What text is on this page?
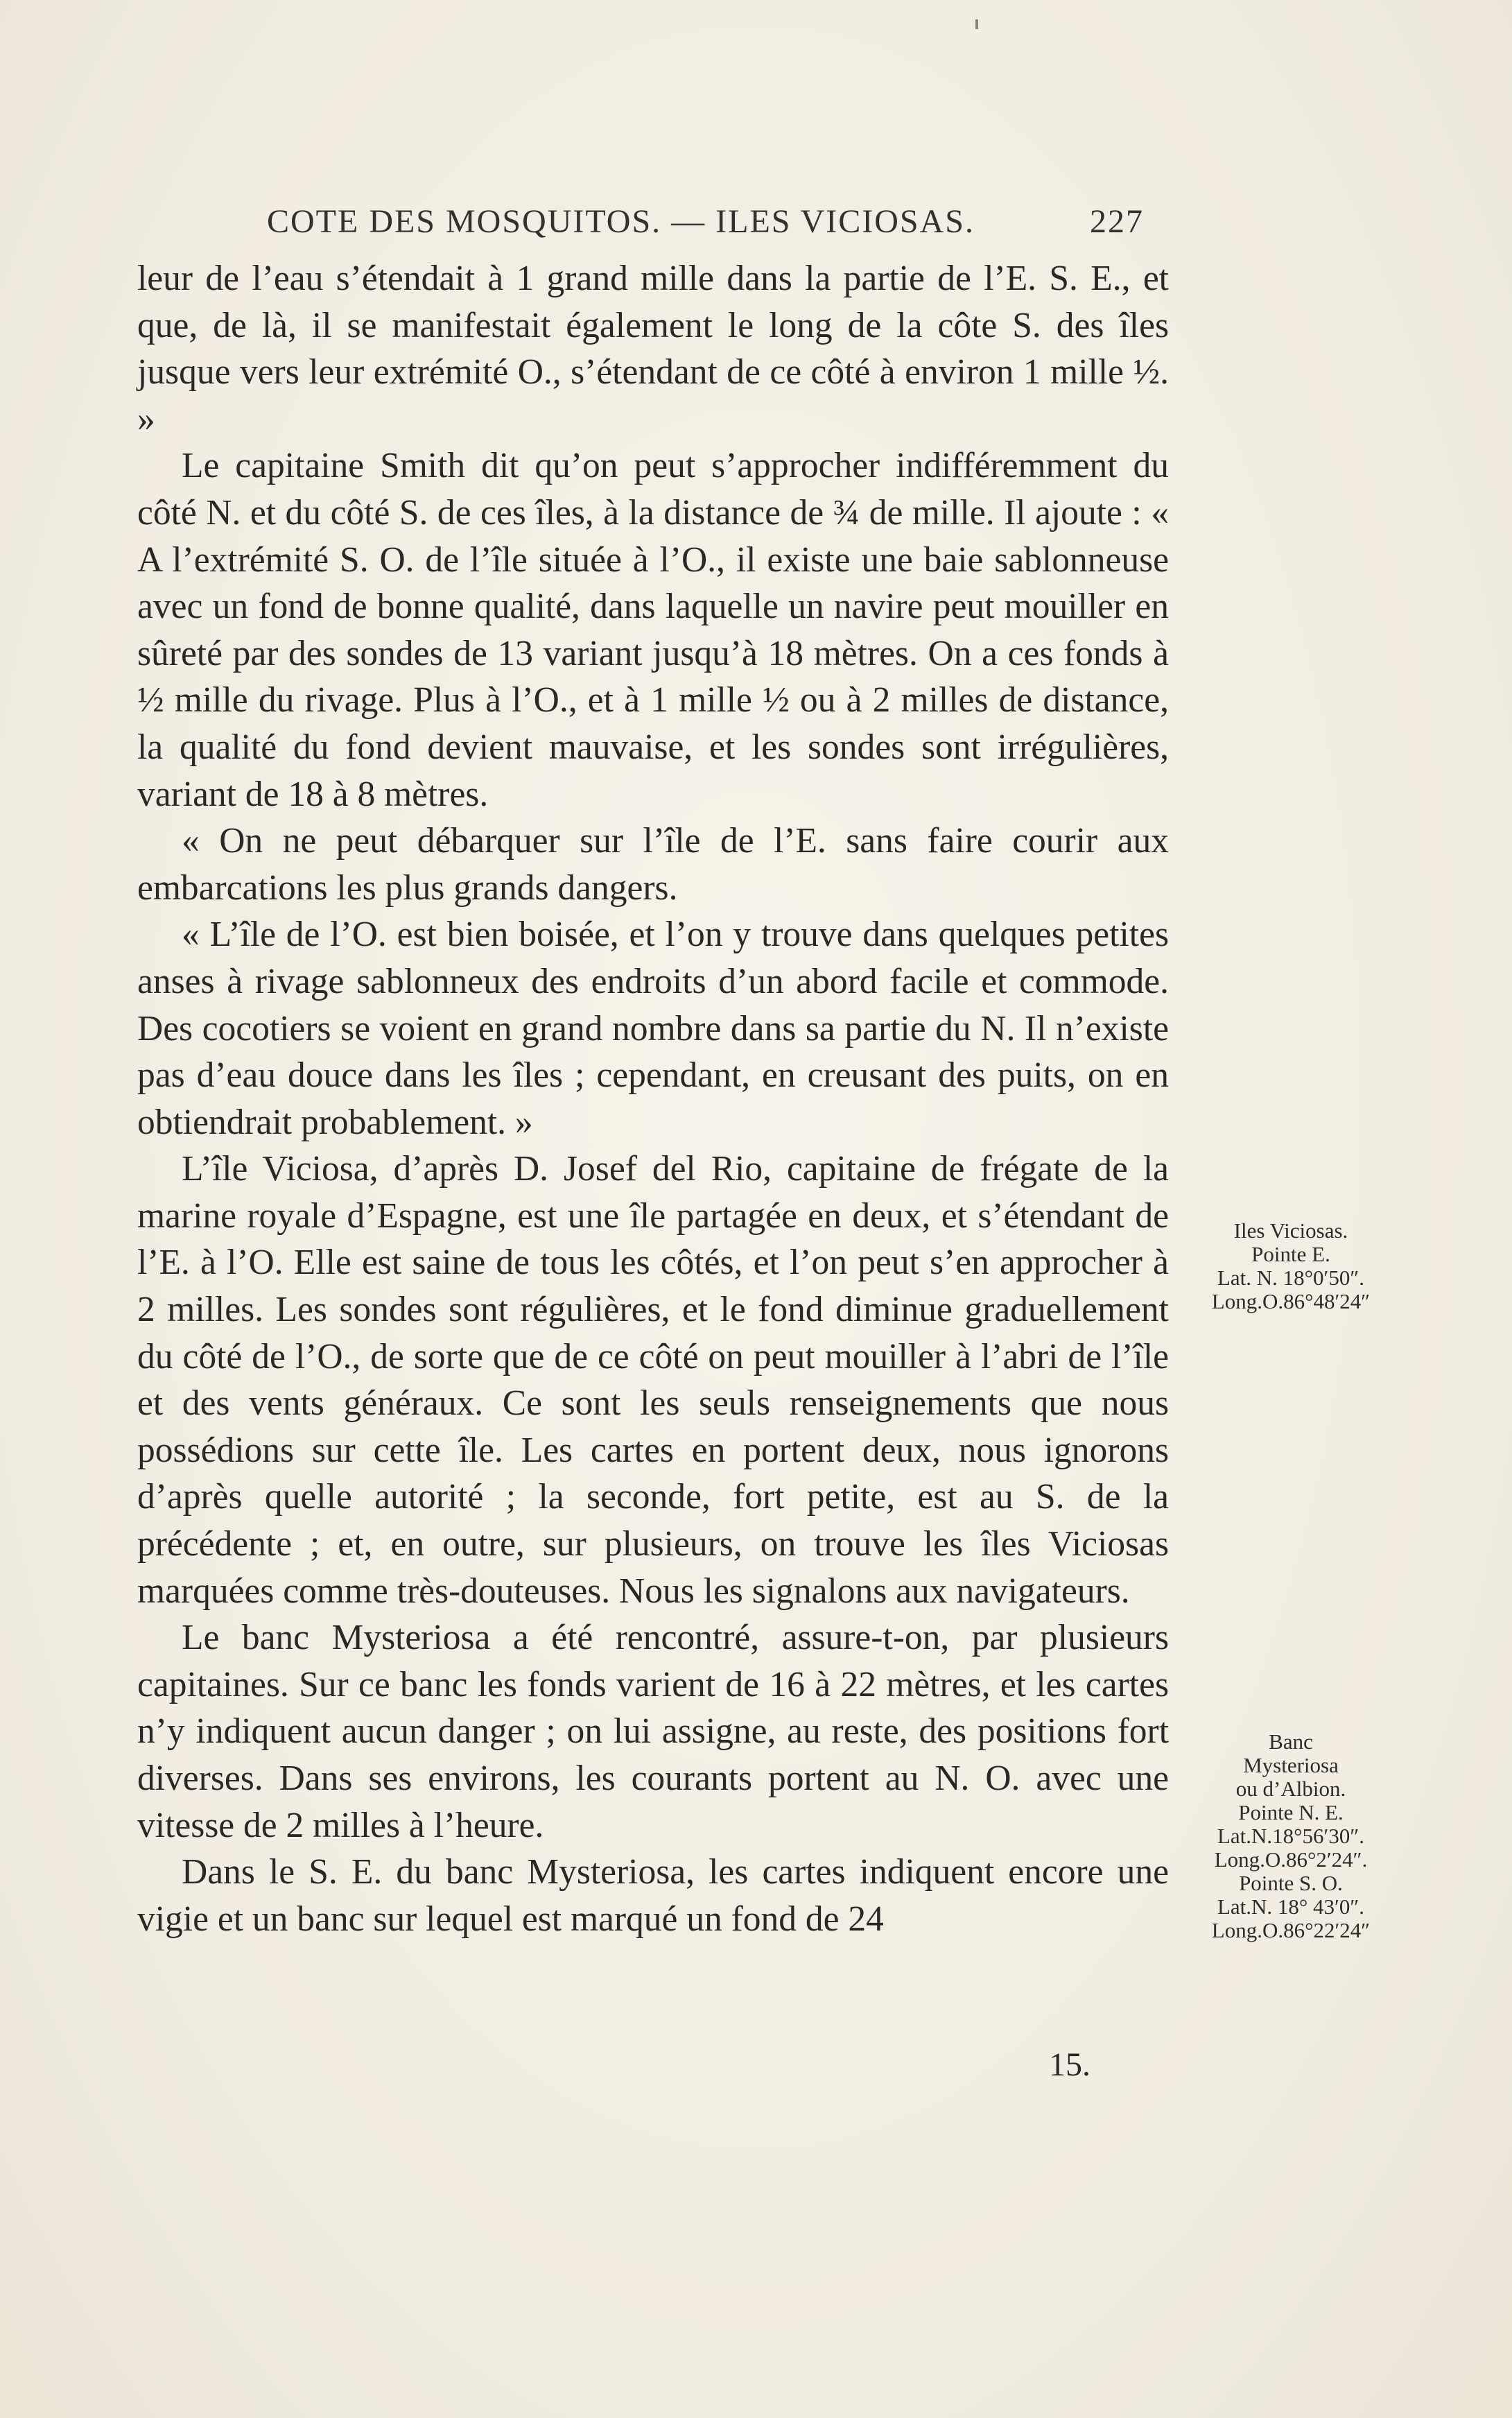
COTE DES MOSQUITOS. — ILES VICIOSAS.	227

leur de l’eau s’étendait à 1 grand mille dans la partie de l’E. S. E., et que, de là, il se manifestait également le long de la côte S. des îles jusque vers leur extrémité O., s’étendant de ce côté à environ 1 mille ½. »

Le capitaine Smith dit qu’on peut s’approcher indifféremment du côté N. et du côté S. de ces îles, à la distance de ¾ de mille. Il ajoute : « A l’extrémité S. O. de l’île située à l’O., il existe une baie sablonneuse avec un fond de bonne qualité, dans laquelle un navire peut mouiller en sûreté par des sondes de 13 variant jusqu’à 18 mètres. On a ces fonds à ½ mille du rivage. Plus à l’O., et à 1 mille ½ ou à 2 milles de distance, la qualité du fond devient mauvaise, et les sondes sont irrégulières, variant de 18 à 8 mètres.

« On ne peut débarquer sur l’île de l’E. sans faire courir aux embarcations les plus grands dangers.

« L’île de l’O. est bien boisée, et l’on y trouve dans quelques petites anses à rivage sablonneux des endroits d’un abord facile et commode. Des cocotiers se voient en grand nombre dans sa partie du N. Il n’existe pas d’eau douce dans les îles ; cependant, en creusant des puits, on en obtiendrait probablement. »

L’île Viciosa, d’après D. Josef del Rio, capitaine de frégate de la marine royale d’Espagne, est une île partagée en deux, et s’étendant de l’E. à l’O. Elle est saine de tous les côtés, et l’on peut s’en approcher à 2 milles. Les sondes sont régulières, et le fond diminue graduellement du côté de l’O., de sorte que de ce côté on peut mouiller à l’abri de l’île et des vents généraux. Ce sont les seuls renseignements que nous possédions sur cette île. Les cartes en portent deux, nous ignorons d’après quelle autorité ; la seconde, fort petite, est au S. de la précédente ; et, en outre, sur plusieurs, on trouve les îles Viciosas marquées comme très-douteuses. Nous les signalons aux navigateurs.

Le banc Mysteriosa a été rencontré, assure-t-on, par plusieurs capitaines. Sur ce banc les fonds varient de 16 à 22 mètres, et les cartes n’y indiquent aucun danger ; on lui assigne, au reste, des positions fort diverses. Dans ses environs, les courants portent au N. O. avec une vitesse de 2 milles à l’heure.

Dans le S. E. du banc Mysteriosa, les cartes indiquent encore une vigie et un banc sur lequel est marqué un fond de 24

Iles Viciosas.
Pointe E.
Lat. N. 18°0′50″.
Long.O.86°48′24″
Banc
Mysteriosa
ou d’Albion.
Pointe N. E.
Lat.N.18°56′30″.
Long.O.86°2′24″.
Pointe S. O.
Lat.N. 18° 43′0″.
Long.O.86°22′24″
15.
